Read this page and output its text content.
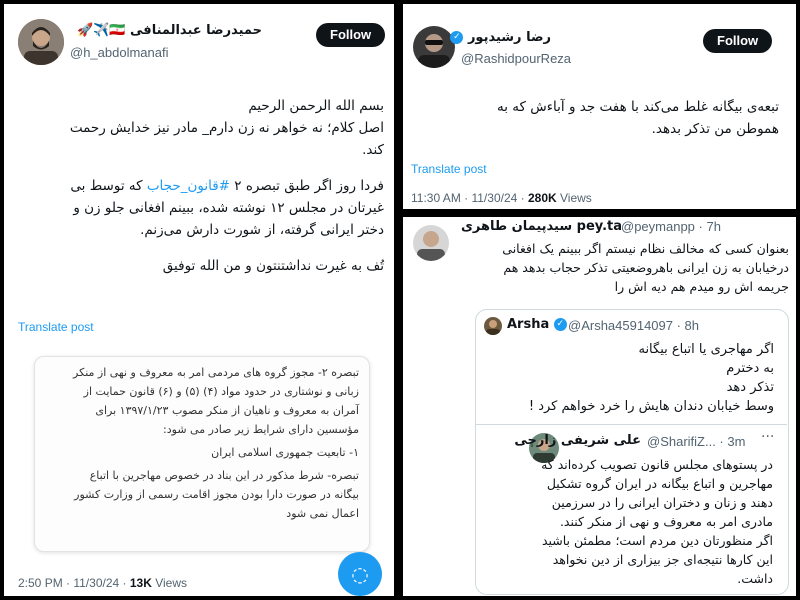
🚀✈️🇮🇷 حمیدرضا عبدالمنافی
@h_abdolmanafi
Follow
بسم الله الرحمن الرحیم
اصل کلام؛ نه خواهر نه زن دارم_ مادر نیز خدایش رحمت
کند.
فردا روز اگر طبق تبصره ۲ #قانون_حجاب که توسط بی
غیرتان در مجلس ۱۲ نوشته شده، ببینم افغانی جلو زن و
دختر ایرانی گرفته، از شورت دارش می‌زنم.
تُف به غیرت نداشتنتون و من الله توفیق
Translate post
تبصره ۲- مجوز گروه های مردمی امر به معروف و نهی از منکر
زبانی و نوشتاری در حدود مواد (۴) (۵) و (۶) قانون حمایت از
آمران به معروف و ناهیان از منکر مصوب ۱۳۹۷/۱/۲۳ برای
مؤسسین دارای شرایط زیر صادر می شود:
۱- تابعیت جمهوری اسلامی ایران
تبصره- شرط مذکور در این بناد در خصوص مهاجرین با اتباع
بیگانه در صورت دارا بودن مجوز اقامت رسمی از وزارت کشور
اعمال نمی شود
2:50 PM · 11/30/24 · 13K Views	◌
رضا رشیدپور ✓
@RashidpourReza
Follow
تبعه‌ی بیگانه غلط می‌کند با هفت جد و آباءش که به
هموطن من تذکر بدهد.
Translate post
11:30 AM · 11/30/24 · 280K Views
سیدپیمان طاهری pey.ta
@peymanpp · 7h
بعنوان کسی که مخالف نظام نیستم اگر ببینم یک افغانی
درخیابان به زن ایرانی باهروضعیتی تذکر حجاب بدهد هم
جریمه اش رو میدم هم دیه اش را
Arsha ✓ @Arsha45914097 · 8h
اگر مهاجری یا اتباع بیگانه
به دخترم
تذکر دهد
وسط خیابان دندان هایش را خرد خواهم کرد !
علی شریفی زارچی @SharifiZ... · 3m ···
در پستوهای مجلس قانون تصویب کرده‌اند که
مهاجرین و اتباع بیگانه در ایران گروه تشکیل
دهند و زنان و دختران ایرانی را در سرزمین
مادری امر به معروف و نهی از منکر کنند.
اگر منظورتان دین مردم است؛ مطمئن باشید
این کارها نتیجه‌ای جز بیزاری از دین نخواهد
داشت.
